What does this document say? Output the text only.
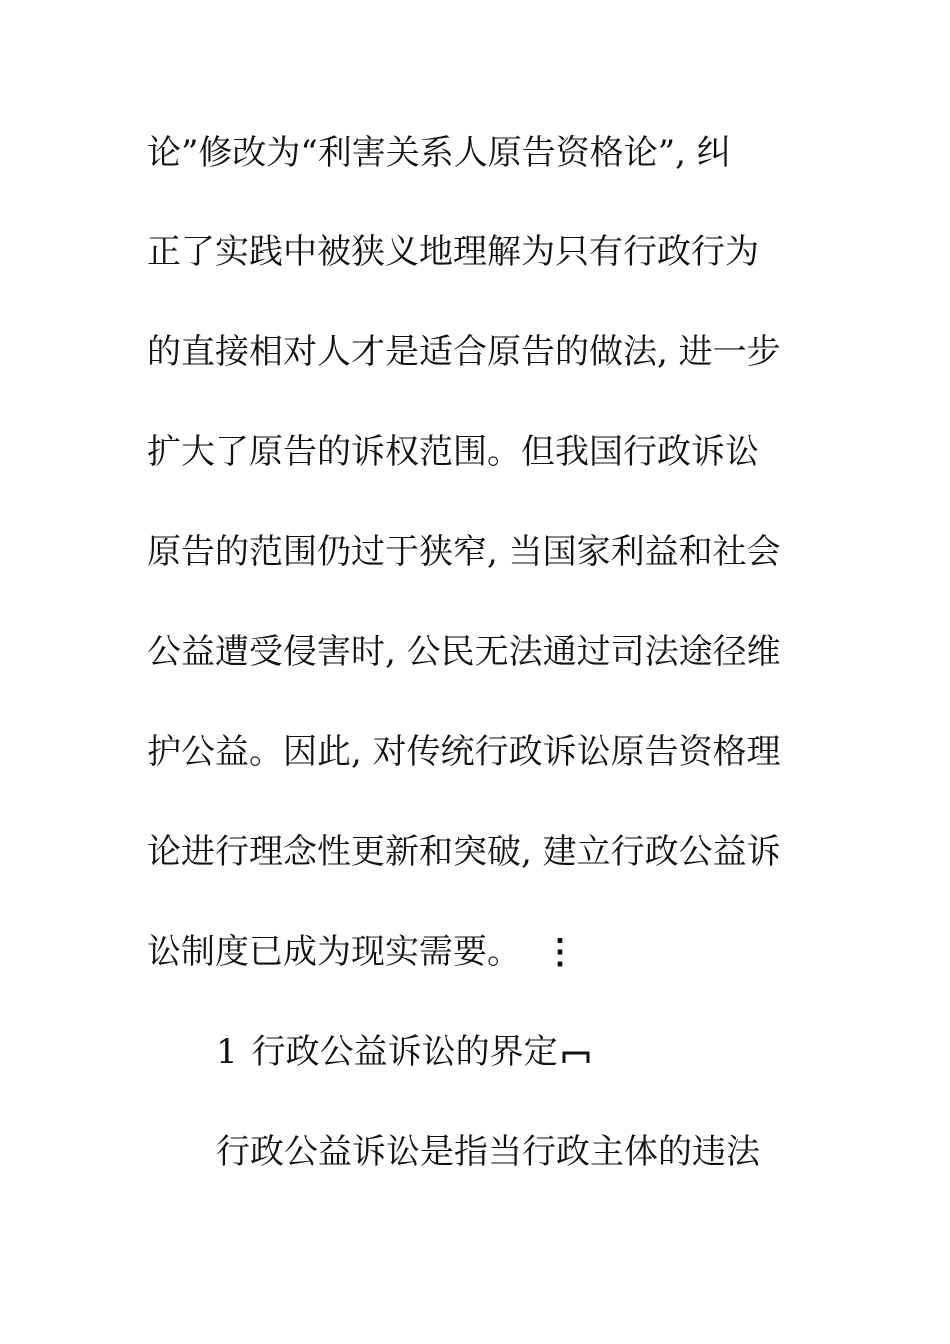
论”修改为“利害关系人原告资格论”, 纠
正了实践中被狭义地理解为只有行政行为
的直接相对人才是适合原告的做法, 进一步
扩大了原告的诉权范围。但我国行政诉讼
原告的范围仍过于狭窄, 当国家利益和社会
公益遭受侵害时, 公民无法通过司法途径维
护公益。因此, 对传统行政诉讼原告资格理
论进行理念性更新和突破, 建立行政公益诉
讼制度已成为现实需要。 ⋮
1 行政公益诉讼的界定
行政公益诉讼是指当行政主体的违法
